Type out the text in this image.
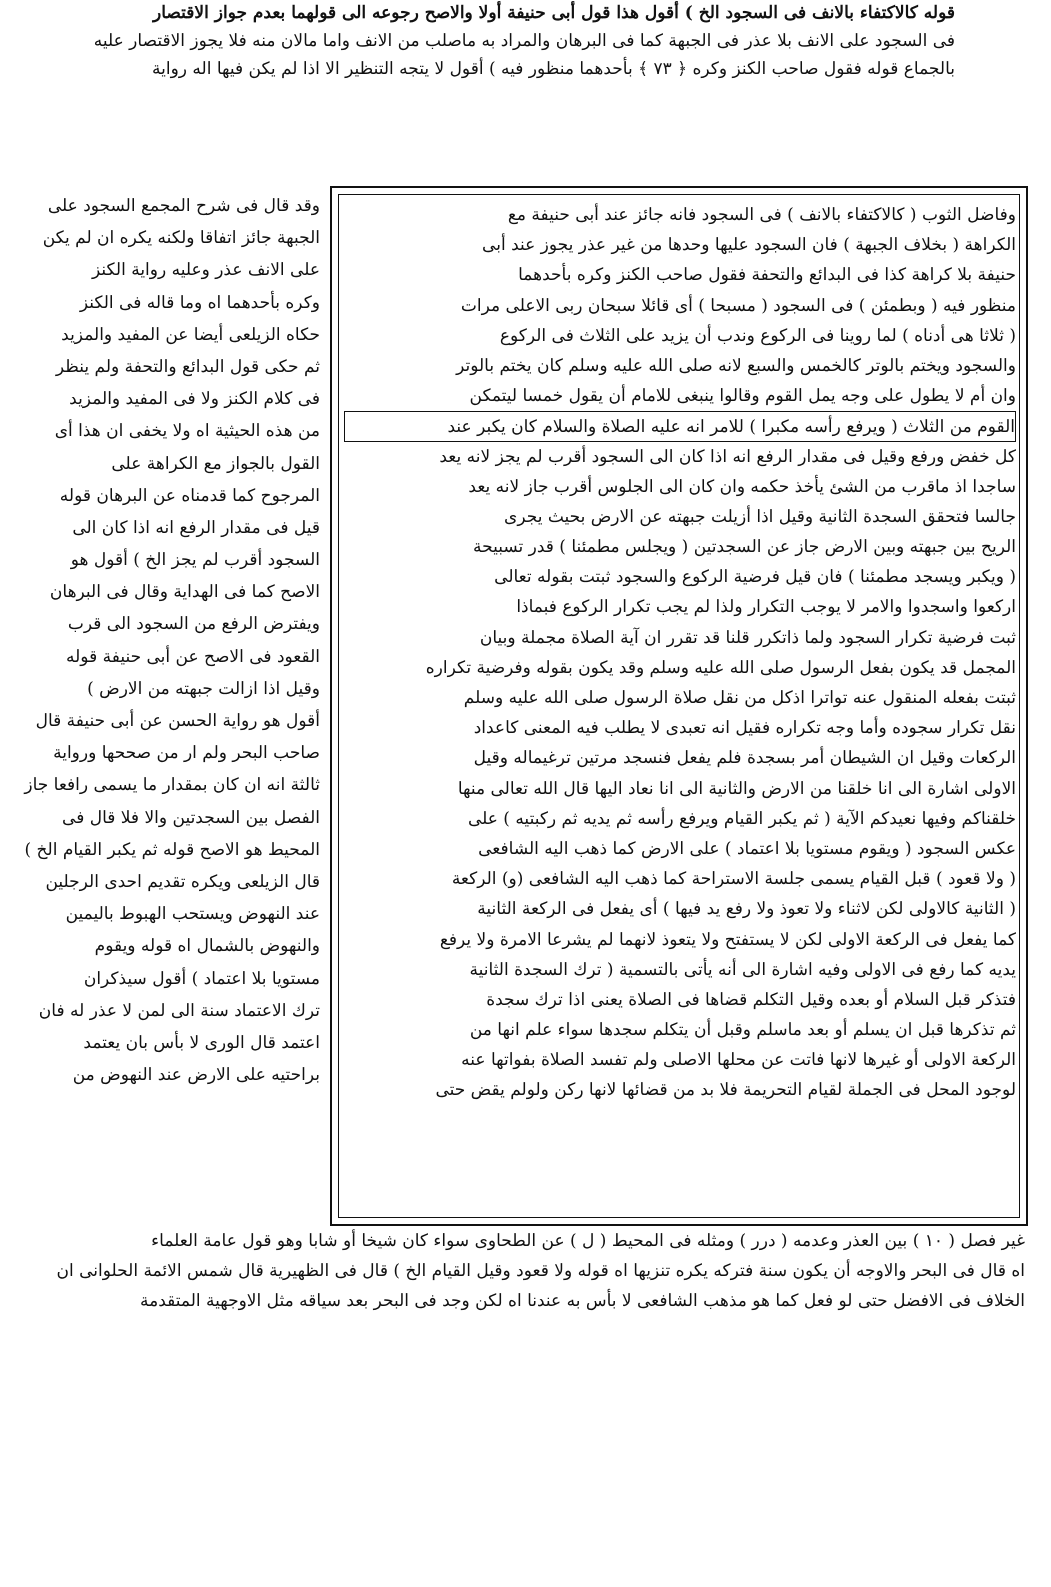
قوله كالاكتفاء بالانف فى السجود الخ ) أقول هذا قول أبى حنيفة أولا والاصح رجوعه الى قولهما بعدم جواز الاقتصار
فى السجود على الانف بلا عذر فى الجبهة كما فى البرهان والمراد به ماصلب من الانف واما مالان منه فلا يجوز الاقتصار عليه
بالجماع قوله فقول صاحب الكنز وكره ﴿ ٧٣ ﴾ بأحدهما منظور فيه ) أقول لا يتجه التنظير الا اذا لم يكن فيها اله رواية
وفاضل الثوب ( كالاكتفاء بالانف ) فى السجود فانه جائز عند أبى حنيفة مع
الكراهة ( بخلاف الجبهة ) فان السجود عليها وحدها من غير عذر يجوز عند أبى
حنيفة بلا كراهة كذا فى البدائع والتحفة فقول صاحب الكنز وكره بأحدهما
منظور فيه ( وبطمئن ) فى السجود ( مسبحا ) أى قائلا سبحان ربى الاعلى مرات
( ثلاثا هى أدناه ) لما روينا فى الركوع وندب أن يزيد على الثلاث فى الركوع
والسجود ويختم بالوتر كالخمس والسبع لانه صلى الله عليه وسلم كان يختم بالوتر
وان أم لا يطول على وجه يمل القوم وقالوا ينبغى للامام أن يقول خمسا ليتمكن
القوم من الثلاث ( ويرفع رأسه مكبرا ) للامر انه عليه الصلاة والسلام كان يكبر عند
كل خفض ورفع وقيل فى مقدار الرفع انه اذا كان الى السجود أقرب لم يجز لانه يعد
ساجدا اذ ماقرب من الشئ يأخذ حكمه وان كان الى الجلوس أقرب جاز لانه يعد
جالسا فتحقق السجدة الثانية وقيل اذا أزيلت جبهته عن الارض بحيث يجرى
الريح بين جبهته وبين الارض جاز عن السجدتين ( ويجلس مطمئنا ) قدر تسبيحة
( ويكبر ويسجد مطمئنا ) فان قيل فرضية الركوع والسجود ثبتت بقوله تعالى
اركعوا واسجدوا والامر لا يوجب التكرار ولذا لم يجب تكرار الركوع فبماذا
ثبت فرضية تكرار السجود ولما ذاتكرر قلنا قد تقرر ان آية الصلاة مجملة وبيان
المجمل قد يكون بفعل الرسول صلى الله عليه وسلم وقد يكون بقوله وفرضية تكراره
ثبتت بفعله المنقول عنه تواترا اذكل من نقل صلاة الرسول صلى الله عليه وسلم
نقل تكرار سجوده وأما وجه تكراره فقيل انه تعبدى لا يطلب فيه المعنى كاعداد
الركعات وقيل ان الشيطان أمر بسجدة فلم يفعل فنسجد مرتين ترغيماله وقيل
الاولى اشارة الى انا خلقنا من الارض والثانية الى انا نعاد اليها قال الله تعالى منها
خلقناكم وفيها نعيدكم الآية ( ثم يكبر القيام ويرفع رأسه ثم يديه ثم ركبتيه ) على
عكس السجود ( ويقوم مستويا بلا اعتماد ) على الارض كما ذهب اليه الشافعى
( ولا قعود ) قبل القيام يسمى جلسة الاستراحة كما ذهب اليه الشافعى (و) الركعة
( الثانية كالاولى لكن لاثناء ولا تعوذ ولا رفع يد فيها ) أى يفعل فى الركعة الثانية
كما يفعل فى الركعة الاولى لكن لا يستفتح ولا يتعوذ لانهما لم يشرعا الامرة ولا يرفع
يديه كما رفع فى الاولى وفيه اشارة الى أنه يأتى بالتسمية ( ترك السجدة الثانية
فتذكر قبل السلام أو بعده وقيل التكلم قضاها فى الصلاة يعنى اذا ترك سجدة
ثم تذكرها قبل ان يسلم أو بعد ماسلم وقبل أن يتكلم سجدها سواء علم انها من
الركعة الاولى أو غيرها لانها فاتت عن محلها الاصلى ولم تفسد الصلاة بفواتها عنه
لوجود المحل فى الجملة لقيام التحريمة فلا بد من قضائها لانها ركن ولولم يقض حتى
وقد قال فى شرح المجمع السجود على
الجبهة جائز اتفاقا ولكنه يكره ان لم يكن
على الانف عذر وعليه رواية الكنز
وكره بأحدهما اه وما قاله فى الكنز
حكاه الزيلعى أيضا عن المفيد والمزيد
ثم حكى قول البدائع والتحفة ولم ينظر
فى كلام الكنز ولا فى المفيد والمزيد
من هذه الحيثية اه ولا يخفى ان هذا أى
القول بالجواز مع الكراهة على
المرجوح كما قدمناه عن البرهان قوله
قيل فى مقدار الرفع انه اذا كان الى
السجود أقرب لم يجز الخ ) أقول هو
الاصح كما فى الهداية وقال فى البرهان
ويفترض الرفع من السجود الى قرب
القعود فى الاصح عن أبى حنيفة قوله
وقيل اذا ازالت جبهته من الارض )
أقول هو رواية الحسن عن أبى حنيفة قال
صاحب البحر ولم ار من صححها ورواية
ثالثة انه ان كان بمقدار ما يسمى رافعا جاز
الفصل بين السجدتين والا فلا قال فى
المحيط هو الاصح قوله ثم يكبر القيام الخ )
قال الزيلعى ويكره تقديم احدى الرجلين
عند النهوض ويستحب الهبوط باليمين
والنهوض بالشمال اه قوله ويقوم
مستويا بلا اعتماد ) أقول سيذكران
ترك الاعتماد سنة الى لمن لا عذر له فان
اعتمد قال الورى لا بأس بان يعتمد
براحتيه على الارض عند النهوض من
غير فصل ( ١٠ ) بين العذر وعدمه ( درر ) ومثله فى المحيط ( ل ) عن الطحاوى سواء كان شيخا أو شابا وهو قول عامة العلماء
اه قال فى البحر والاوجه أن يكون سنة فتركه يكره تنزيها اه قوله ولا قعود وقيل القيام الخ ) قال فى الظهيرية قال شمس الائمة الحلوانى ان
الخلاف فى الافضل حتى لو فعل كما هو مذهب الشافعى لا بأس به عندنا اه لكن وجد فى البحر بعد سياقه مثل الاوجهية المتقدمة
